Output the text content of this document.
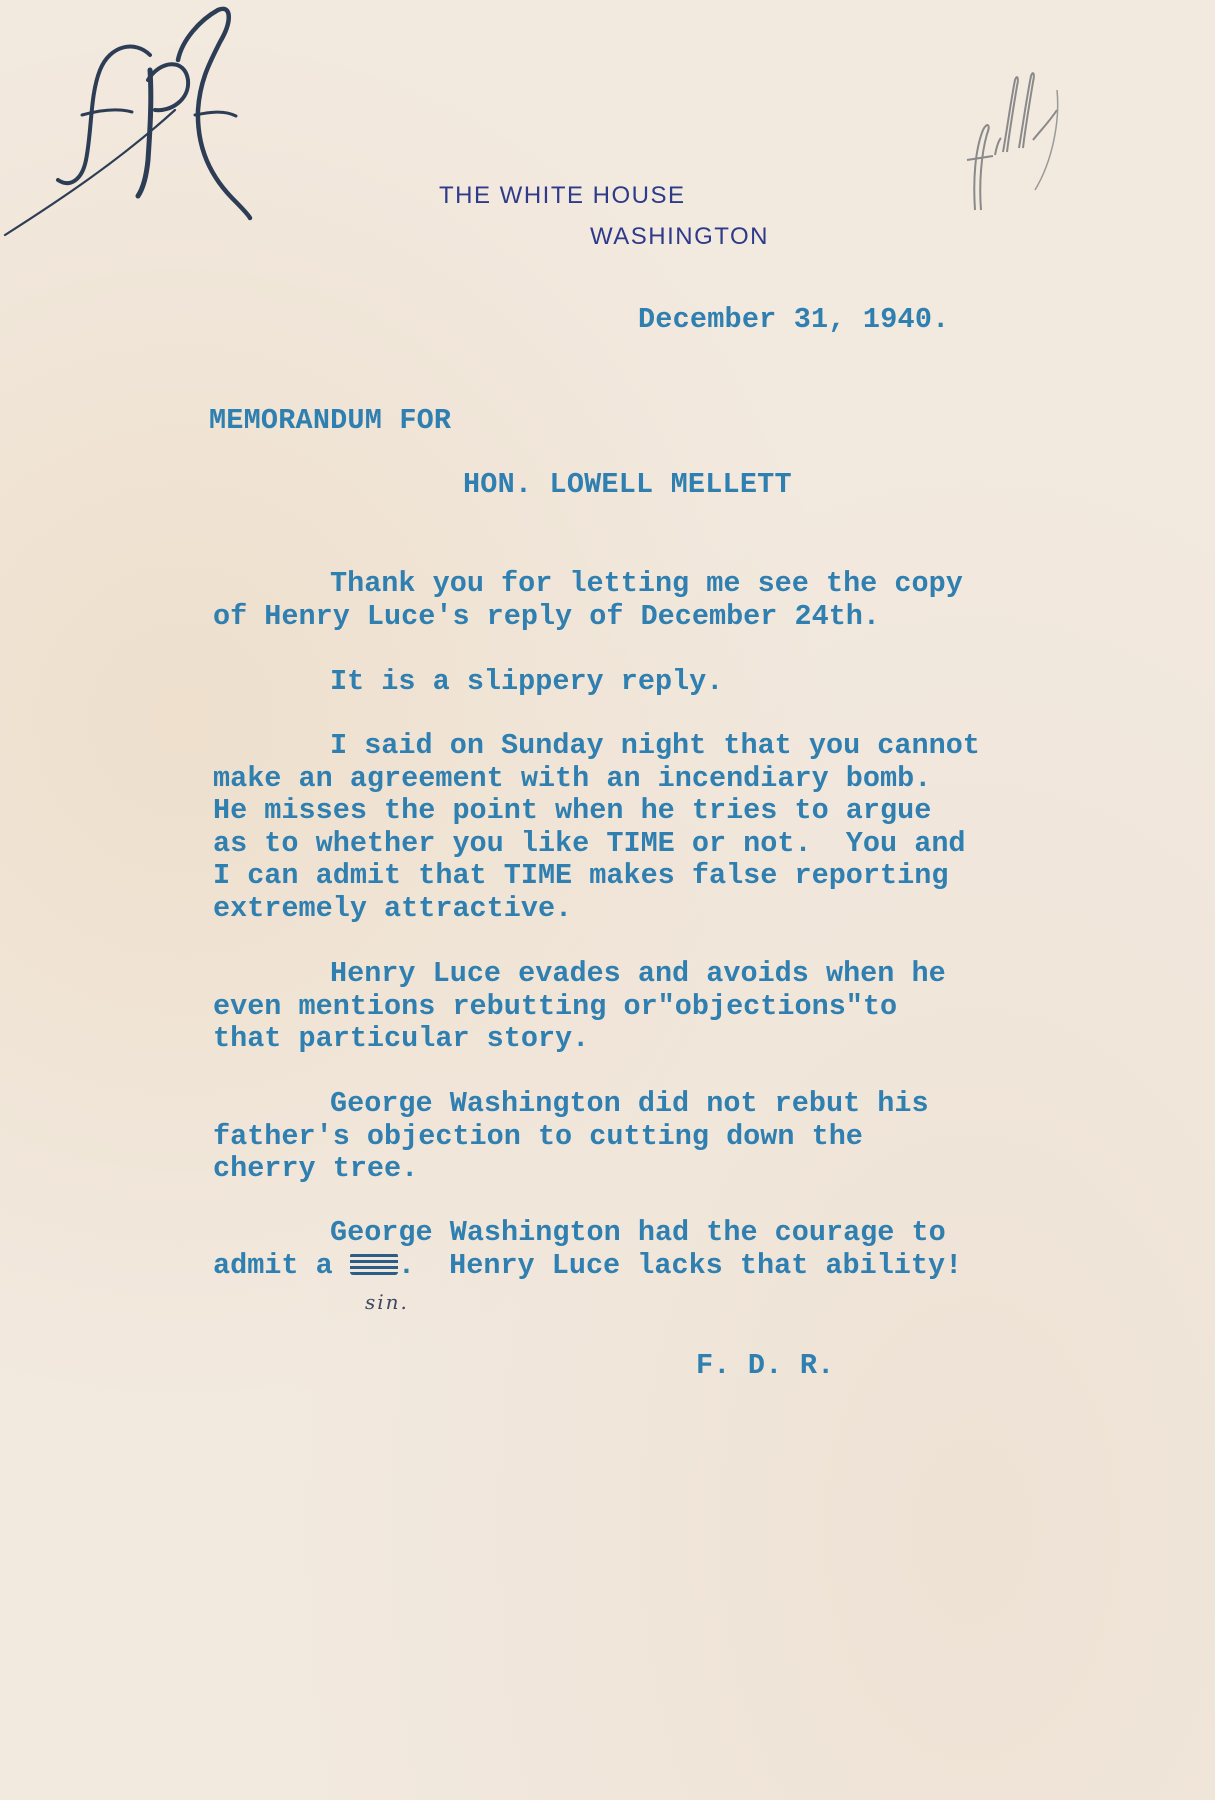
THE WHITE HOUSE
WASHINGTON
December 31, 1940.
MEMORANDUM FOR
HON. LOWELL MELLETT
Thank you for letting me see the copy
of Henry Luce's reply of December 24th.
It is a slippery reply.
I said on Sunday night that you cannot
make an agreement with an incendiary bomb.
He misses the point when he tries to argue
as to whether you like TIME or not.  You and
I can admit that TIME makes false reporting
extremely attractive.
Henry Luce evades and avoids when he
even mentions rebutting or"objections"to
that particular story.
George Washington did not rebut his
father's objection to cutting down the
cherry tree.
George Washington had the courage to
admit a .  Henry Luce lacks that ability!
sin.
F. D. R.
